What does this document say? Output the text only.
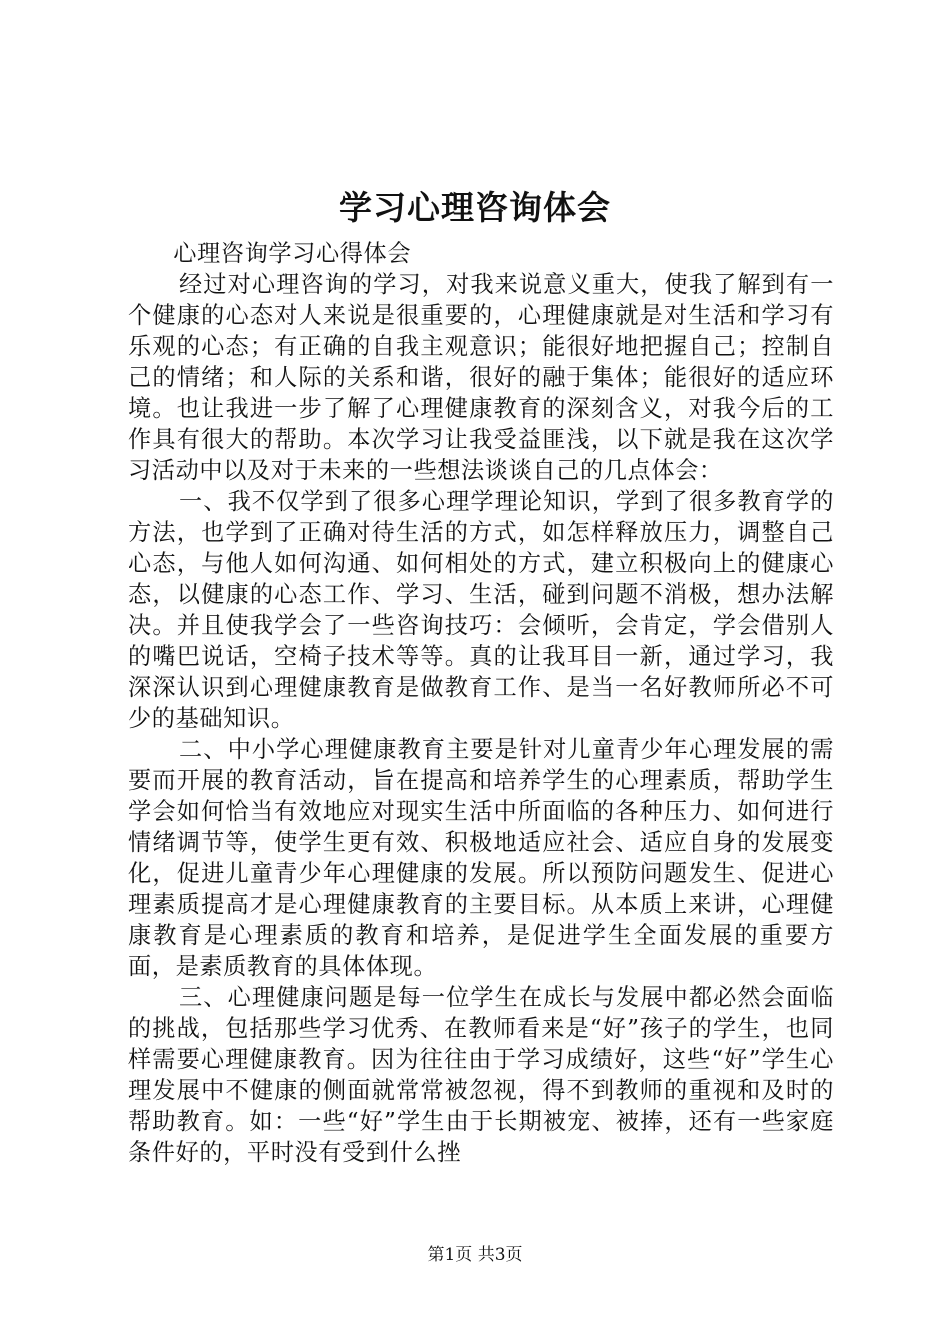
学习心理咨询体会

心理咨询学习心得体会

经过对心理咨询的学习，对我来说意义重大，使我了解到有一个健康的心态对人来说是很重要的，心理健康就是对生活和学习有乐观的心态；有正确的自我主观意识；能很好地把握自己；控制自己的情绪；和人际的关系和谐，很好的融于集体；能很好的适应环境。也让我进一步了解了心理健康教育的深刻含义，对我今后的工作具有很大的帮助。本次学习让我受益匪浅，以下就是我在这次学习活动中以及对于未来的一些想法谈谈自己的几点体会：

一、我不仅学到了很多心理学理论知识，学到了很多教育学的方法，也学到了正确对待生活的方式，如怎样释放压力，调整自己心态，与他人如何沟通、如何相处的方式，建立积极向上的健康心态，以健康的心态工作、学习、生活，碰到问题不消极，想办法解决。并且使我学会了一些咨询技巧：会倾听，会肯定，学会借别人的嘴巴说话，空椅子技术等等。真的让我耳目一新，通过学习，我深深认识到心理健康教育是做教育工作、是当一名好教师所必不可少的基础知识。

二、中小学心理健康教育主要是针对儿童青少年心理发展的需要而开展的教育活动，旨在提高和培养学生的心理素质，帮助学生学会如何恰当有效地应对现实生活中所面临的各种压力、如何进行情绪调节等，使学生更有效、积极地适应社会、适应自身的发展变化，促进儿童青少年心理健康的发展。所以预防问题发生、促进心理素质提高才是心理健康教育的主要目标。从本质上来讲，心理健康教育是心理素质的教育和培养，是促进学生全面发展的重要方面，是素质教育的具体体现。

三、心理健康问题是每一位学生在成长与发展中都必然会面临的挑战，包括那些学习优秀、在教师看来是“好”孩子的学生，也同样需要心理健康教育。因为往往由于学习成绩好，这些“好”学生心理发展中不健康的侧面就常常被忽视，得不到教师的重视和及时的帮助教育。如：一些“好”学生由于长期被宠、被捧，还有一些家庭条件好的，平时没有受到什么挫

第1页 共3页
